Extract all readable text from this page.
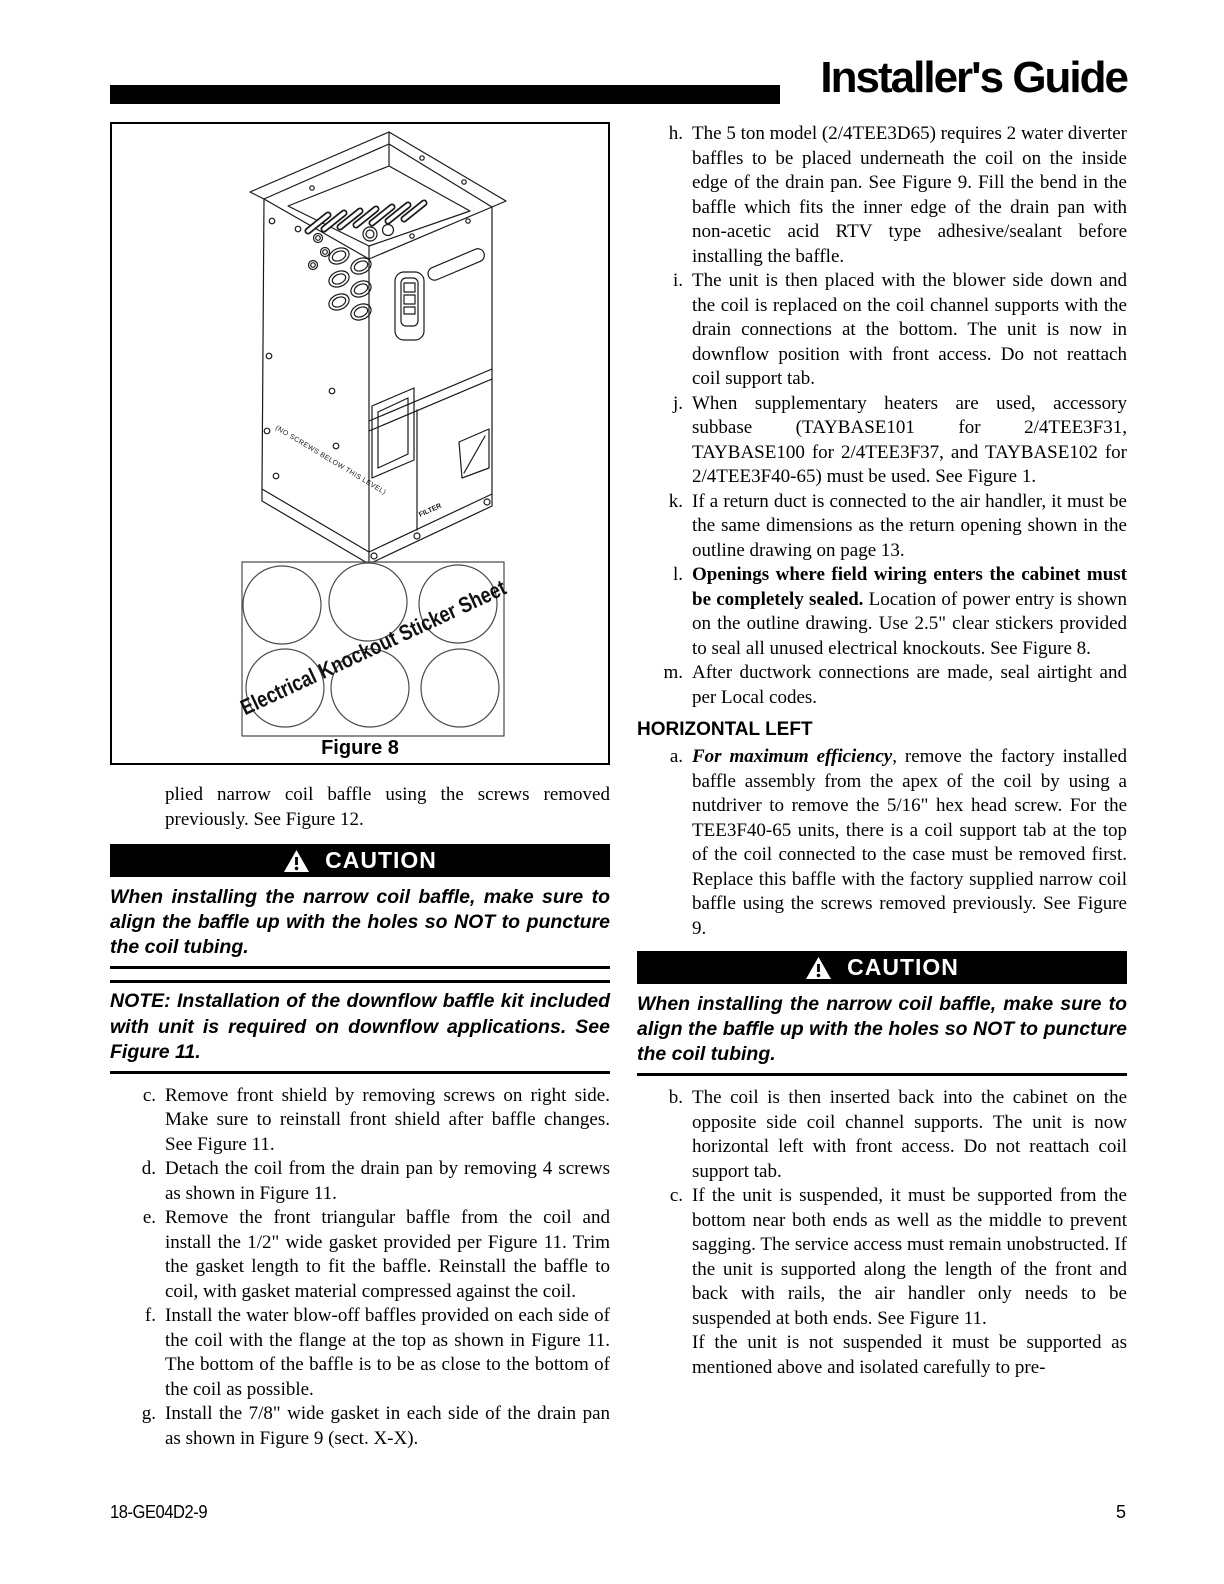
Installer's Guide
(NO SCREWS BELOW THIS LEVEL)
FILTER
Electrical Knockout Sticker Sheet
Figure 8

plied narrow coil baffle using the screws removed previously. See Figure 12.

CAUTION

When installing the narrow coil baffle, make sure to align the baffle up with the holes so NOT to puncture the coil tubing.

NOTE: Installation of the downflow baffle kit included with unit is required on downflow applications. See Figure 11.

c. Remove front shield by removing screws on right side. Make sure to reinstall front shield after baffle changes. See Figure 11.
d. Detach the coil from the drain pan by removing 4 screws as shown in Figure 11.
e. Remove the front triangular baffle from the coil and install the 1/2" wide gasket provided per Figure 11. Trim the gasket length to fit the baffle. Reinstall the baffle to coil, with gasket material compressed against the coil.
f. Install the water blow-off baffles provided on each side of the coil with the flange at the top as shown in Figure 11. The bottom of the baffle is to be as close to the bottom of the coil as possible.
g. Install the 7/8" wide gasket in each side of the drain pan as shown in Figure 9 (sect. X-X).
h. The 5 ton model (2/4TEE3D65) requires 2 water diverter baffles to be placed underneath the coil on the inside edge of the drain pan. See Figure 9. Fill the bend in the baffle which fits the inner edge of the drain pan with non-acetic acid RTV type adhesive/sealant before installing the baffle.
i. The unit is then placed with the blower side down and the coil is replaced on the coil channel supports with the drain connections at the bottom. The unit is now in downflow position with front access. Do not reattach coil support tab.
j. When supplementary heaters are used, accessory subbase (TAYBASE101 for 2/4TEE3F31, TAYBASE100 for 2/4TEE3F37, and TAYBASE102 for 2/4TEE3F40-65) must be used. See Figure 1.
k. If a return duct is connected to the air handler, it must be the same dimensions as the return opening shown in the outline drawing on page 13.
l. Openings where field wiring enters the cabinet must be completely sealed. Location of power entry is shown on the outline drawing. Use 2.5" clear stickers provided to seal all unused electrical knockouts. See Figure 8.
m. After ductwork connections are made, seal airtight and per Local codes.
HORIZONTAL LEFT
a. For maximum efficiency, remove the factory installed baffle assembly from the apex of the coil by using a nutdriver to remove the 5/16" hex head screw. For the TEE3F40-65 units, there is a coil support tab at the top of the coil connected to the case must be removed first. Replace this baffle with the factory supplied narrow coil baffle using the screws removed previously. See Figure 9.
CAUTION

When installing the narrow coil baffle, make sure to align the baffle up with the holes so NOT to puncture the coil tubing.

b. The coil is then inserted back into the cabinet on the opposite side coil channel supports. The unit is now horizontal left with front access. Do not reattach coil support tab.
c. If the unit is suspended, it must be supported from the bottom near both ends as well as the middle to prevent sagging. The service access must remain unobstructed. If the unit is supported along the length of the front and back with rails, the air handler only needs to be suspended at both ends. See Figure 11.

If the unit is not suspended it must be supported as mentioned above and isolated carefully to pre-

18-GE04D2-9	5
